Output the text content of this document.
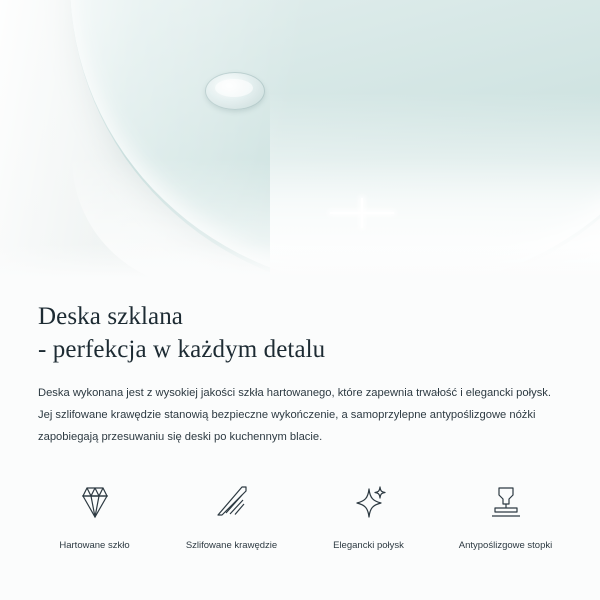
Deska szklana
- perfekcja w każdym detalu

Deska wykonana jest z wysokiej jakości szkła hartowanego, które zapewnia trwałość i elegancki połysk. Jej szlifowane krawędzie stanowią bezpieczne wykończenie, a samoprzylepne antypoślizgowe nóżki zapobiegają przesuwaniu się deski po kuchennym blacie.

Hartowane szkło	Szlifowane krawędzie	Elegancki połysk	Antypoślizgowe stopki
